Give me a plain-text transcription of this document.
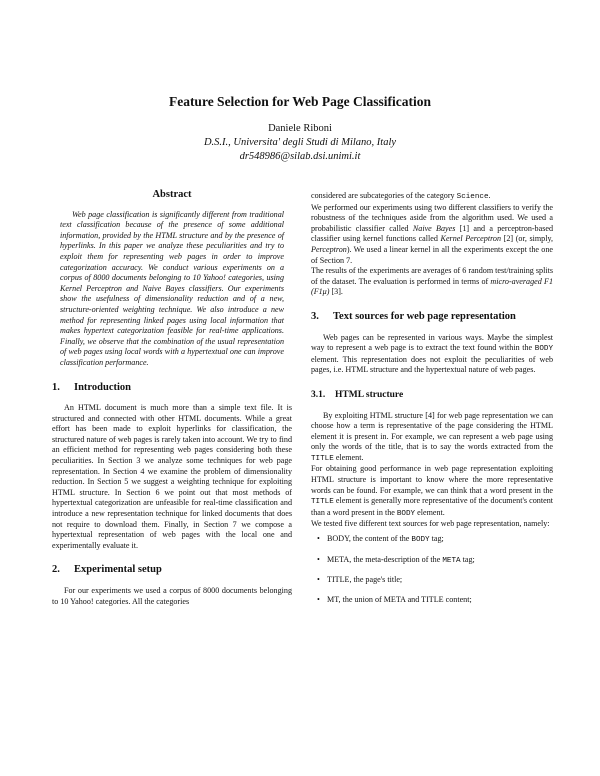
Feature Selection for Web Page Classification
Daniele Riboni
D.S.I., Universita' degli Studi di Milano, Italy
dr548986@silab.dsi.unimi.it
Abstract

Web page classification is significantly different from traditional text classification because of the presence of some additional information, provided by the HTML structure and by the presence of hyperlinks. In this paper we analyze these peculiarities and try to exploit them for representing web pages in order to improve categorization accuracy. We conduct various experiments on a corpus of 8000 documents belonging to 10 Yahoo! categories, using Kernel Perceptron and Naive Bayes classifiers. Our experiments show the usefulness of dimensionality reduction and of a new, structure-oriented weighting technique. We also introduce a new method for representing linked pages using local information that makes hypertext categorization feasible for real-time applications. Finally, we observe that the combination of the usual representation of web pages using local words with a hypertextual one can improve classification performance.

1. Introduction

An HTML document is much more than a simple text file. It is structured and connected with other HTML documents. While a great effort has been made to exploit hyperlinks for classification, the structured nature of web pages is rarely taken into account. We try to find an efficient method for representing web pages considering both these peculiarities. In Section 3 we analyze some techniques for web page representation. In Section 4 we examine the problem of dimensionality reduction. In Section 5 we suggest a weighting technique for exploiting HTML structure. In Section 6 we point out that most methods of hypertextual categorization are unfeasible for real-time classification and introduce a new representation technique for linked documents that does not require to download them. Finally, in Section 7 we compose a hypertextual representation of web pages with the local one and experimentally evaluate it.

2. Experimental setup

For our experiments we used a corpus of 8000 documents belonging to 10 Yahoo! categories. All the categories

considered are subcategories of the category Science.

We performed our experiments using two different classifiers to verify the robustness of the techniques aside from the algorithm used. We used a probabilistic classifier called Naive Bayes [1] and a perceptron-based classifier using kernel functions called Kernel Perceptron [2] (or, simply, Perceptron). We used a linear kernel in all the experiments except the one of Section 7.

The results of the experiments are averages of 6 random test/training splits of the dataset. The evaluation is performed in terms of micro-averaged F1 (F1μ) [3].

3. Text sources for web page representation

Web pages can be represented in various ways. Maybe the simplest way to represent a web page is to extract the text found within the BODY element. This representation does not exploit the peculiarities of web pages, i.e. HTML structure and the hypertextual nature of web pages.

3.1. HTML structure

By exploiting HTML structure [4] for web page representation we can choose how a term is representative of the page considering the HTML element it is present in. For example, we can represent a web page using only the words of the title, that is to say the words extracted from the TITLE element.

For obtaining good performance in web page representation exploiting HTML structure is important to know where the more representative words can be found. For example, we can think that a word present in the TITLE element is generally more representative of the document's content than a word present in the BODY element.

We tested five different text sources for web page representation, namely:

• BODY, the content of the BODY tag;
• META, the meta-description of the META tag;
• TITLE, the page's title;
• MT, the union of META and TITLE content;
